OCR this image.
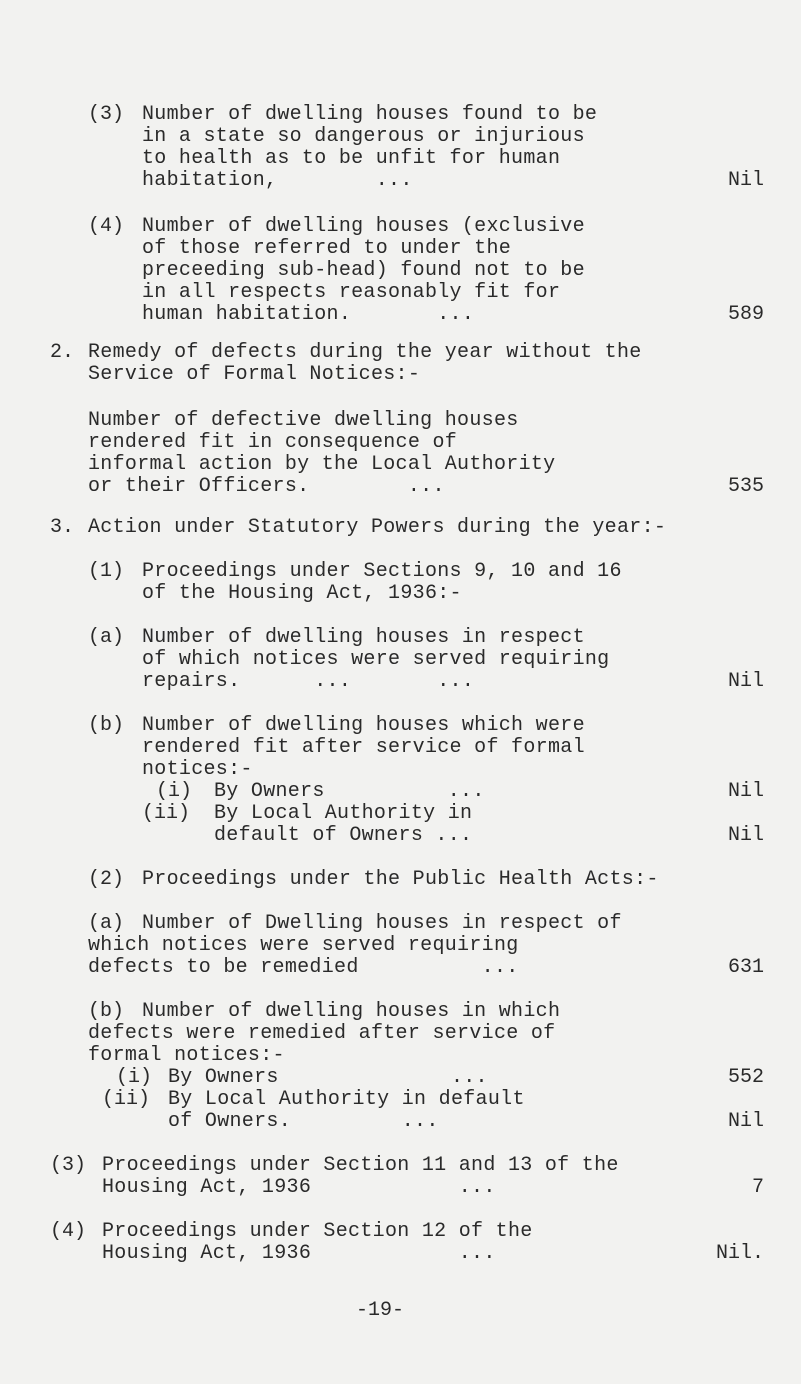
(3) Number of dwelling houses found to be
in a state so dangerous or injurious
to health as to be unfit for human
habitation,        ...	Nil
(4) Number of dwelling houses (exclusive
of those referred to under the
preceeding sub-head) found not to be
in all respects reasonably fit for
human habitation.       ...	589
2. Remedy of defects during the year without the
Service of Formal Notices:-
Number of defective dwelling houses
rendered fit in consequence of
informal action by the Local Authority
or their Officers.        ...	535
3. Action under Statutory Powers during the year:-
(1) Proceedings under Sections 9, 10 and 16
of the Housing Act, 1936:-
(a) Number of dwelling houses in respect
of which notices were served requiring
repairs.      ...       ...	Nil
(b) Number of dwelling houses which were
rendered fit after service of formal
notices:-
(i) By Owners          ...	Nil
(ii) By Local Authority in
default of Owners ...	Nil
(2) Proceedings under the Public Health Acts:-
(a) Number of Dwelling houses in respect of
which notices were served requiring
defects to be remedied          ...	631
(b) Number of dwelling houses in which
defects were remedied after service of
formal notices:-
(i) By Owners              ...	552
(ii) By Local Authority in default
of Owners.         ...	Nil
(3) Proceedings under Section 11 and 13 of the
Housing Act, 1936            ...	7
(4) Proceedings under Section 12 of the
Housing Act, 1936            ...	Nil.
-19-
